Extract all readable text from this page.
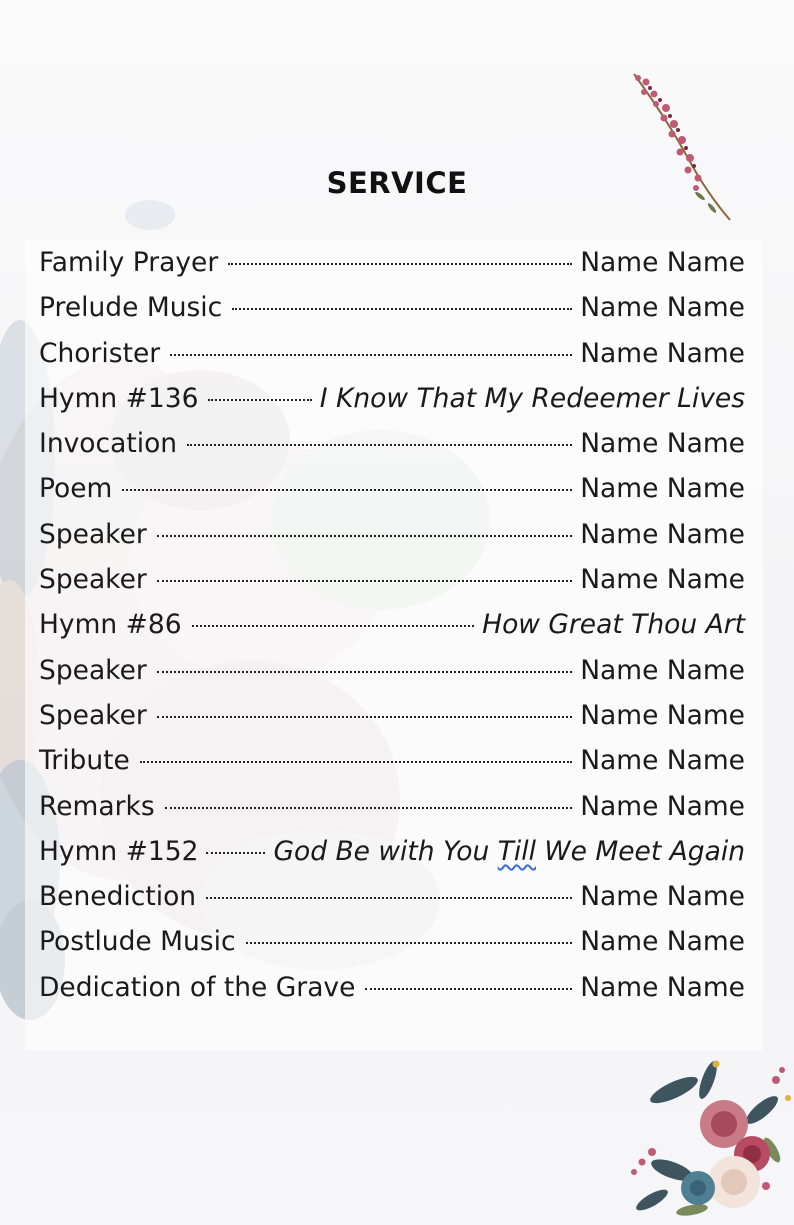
SERVICE
Family Prayer	Name Name
Prelude Music	Name Name
Chorister	Name Name
Hymn #136	I Know That My Redeemer Lives
Invocation	Name Name
Poem	Name Name
Speaker	Name Name
Speaker	Name Name
Hymn #86	How Great Thou Art
Speaker	Name Name
Speaker	Name Name
Tribute	Name Name
Remarks	Name Name
Hymn #152	God Be with You Till We Meet Again
Benediction	Name Name
Postlude Music	Name Name
Dedication of the Grave	Name Name
